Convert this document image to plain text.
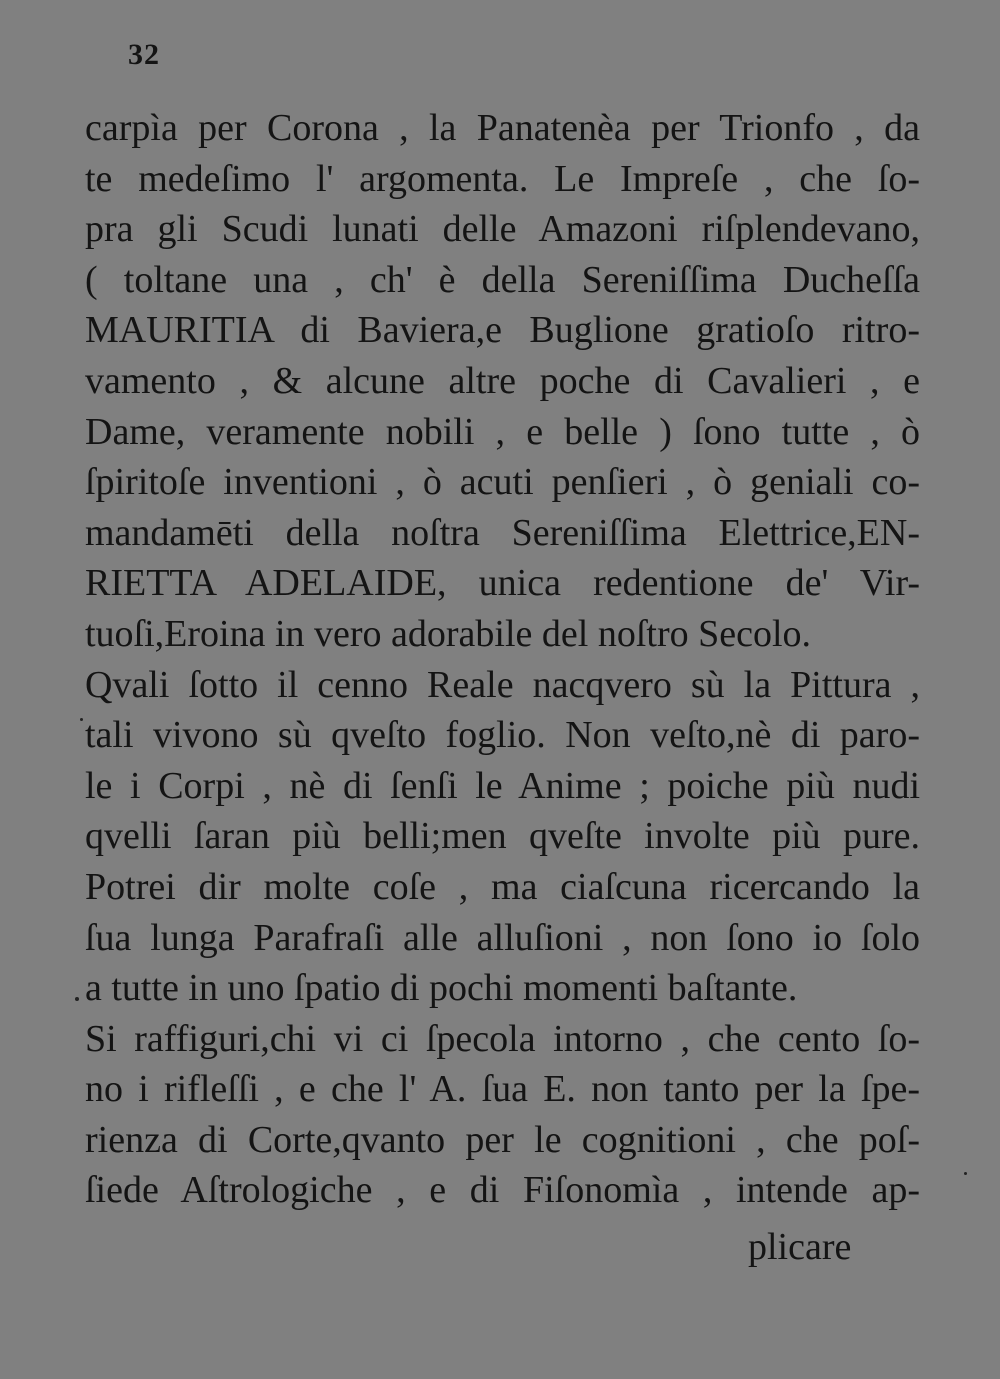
32
carpìa per Corona , la Panatenèa per Trionfo , da
te medeſimo l' argomenta. Le Impreſe , che ſo-
pra gli Scudi lunati delle Amazoni riſplendevano,
( toltane una , ch' è della Sereniſſima Ducheſſa
MAURITIA di Baviera,e Buglione gratioſo ritro-
vamento , & alcune altre poche di Cavalieri , e
Dame, veramente nobili , e belle ) ſono tutte , ò
ſpiritoſe inventioni , ò acuti penſieri , ò geniali co-
mandamēti della noſtra Sereniſſima Elettrice,EN-
RIETTA ADELAIDE, unica redentione de' Vir-
tuoſi,Eroina in vero adorabile del noſtro Secolo.
Qvali ſotto il cenno Reale nacqvero sù la Pittura ,
tali vivono sù qveſto foglio. Non veſto,nè di paro-
le i Corpi , nè di ſenſi le Anime ; poiche più nudi
qvelli ſaran più belli;men qveſte involte più pure.
Potrei dir molte coſe , ma ciaſcuna ricercando la
ſua lunga Parafraſi alle alluſioni , non ſono io ſolo
a tutte in uno ſpatio di pochi momenti baſtante.
Si raffiguri,chi vi ci ſpecola intorno , che cento ſo-
no i rifleſſi , e che l' A. ſua E. non tanto per la ſpe-
rienza di Corte,qvanto per le cognitioni , che poſ-
ſiede Aſtrologiche , e di Fiſonomìa , intende ap-
plicare
